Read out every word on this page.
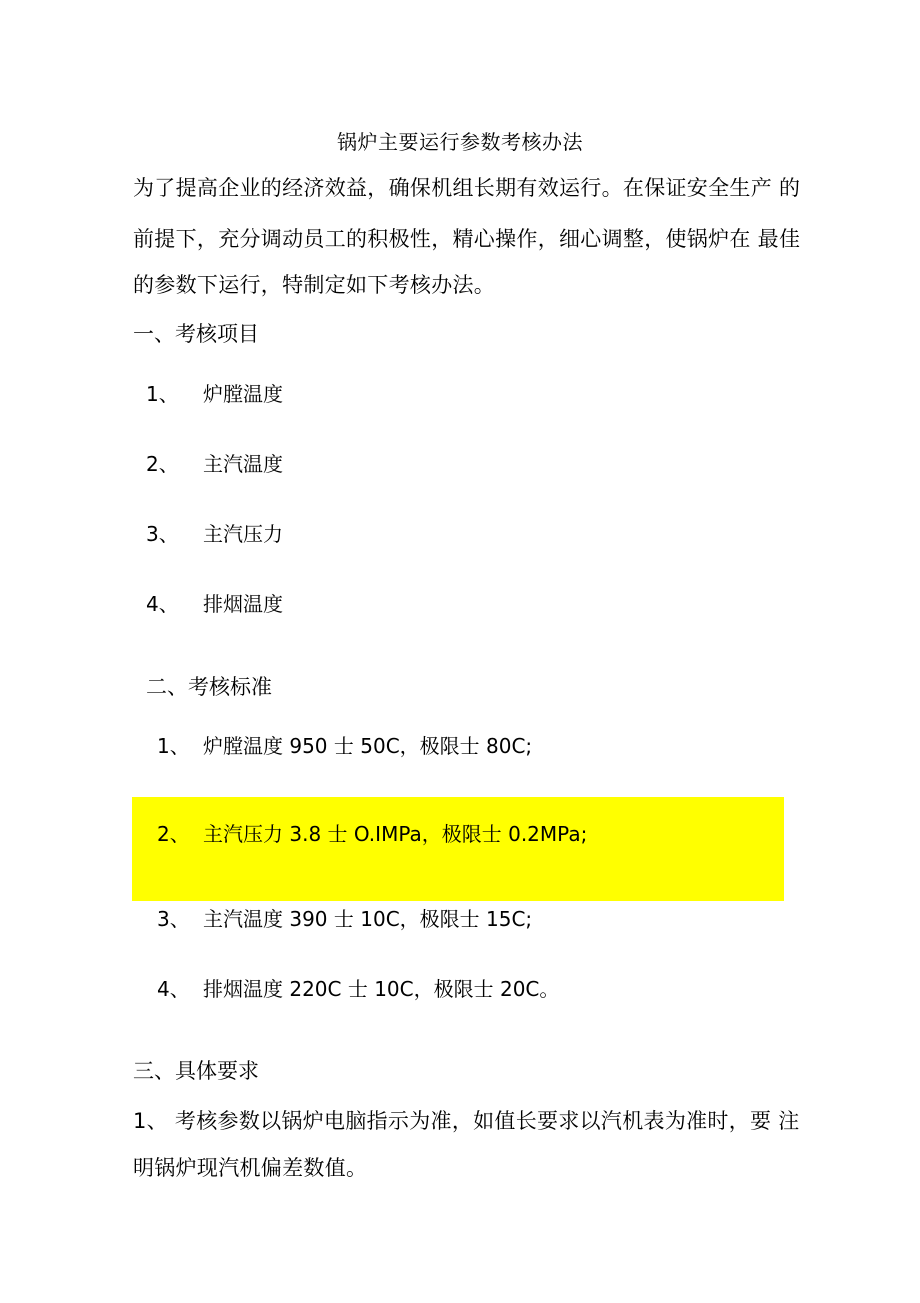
锅炉主要运行参数考核办法
为了提高企业的经济效益，确保机组长期有效运行。在保证安全生产 的
前提下，充分调动员工的积极性，精心操作，细心调整，使锅炉在 最佳
的参数下运行，特制定如下考核办法。
一、考核项目
1、 炉膛温度
2、 主汽温度
3、 主汽压力
4、 排烟温度
二、考核标准
1、 炉膛温度 950 士 50C，极限士 80C;
2、 主汽压力 3.8 士 O.IMPa，极限士 0.2MPa;
3、 主汽温度 390 士 10C，极限士 15C;
4、 排烟温度 220C 士 10C，极限士 20C。
三、具体要求
1、 考核参数以锅炉电脑指示为准，如值长要求以汽机表为准时，要 注
明锅炉现汽机偏差数值。
